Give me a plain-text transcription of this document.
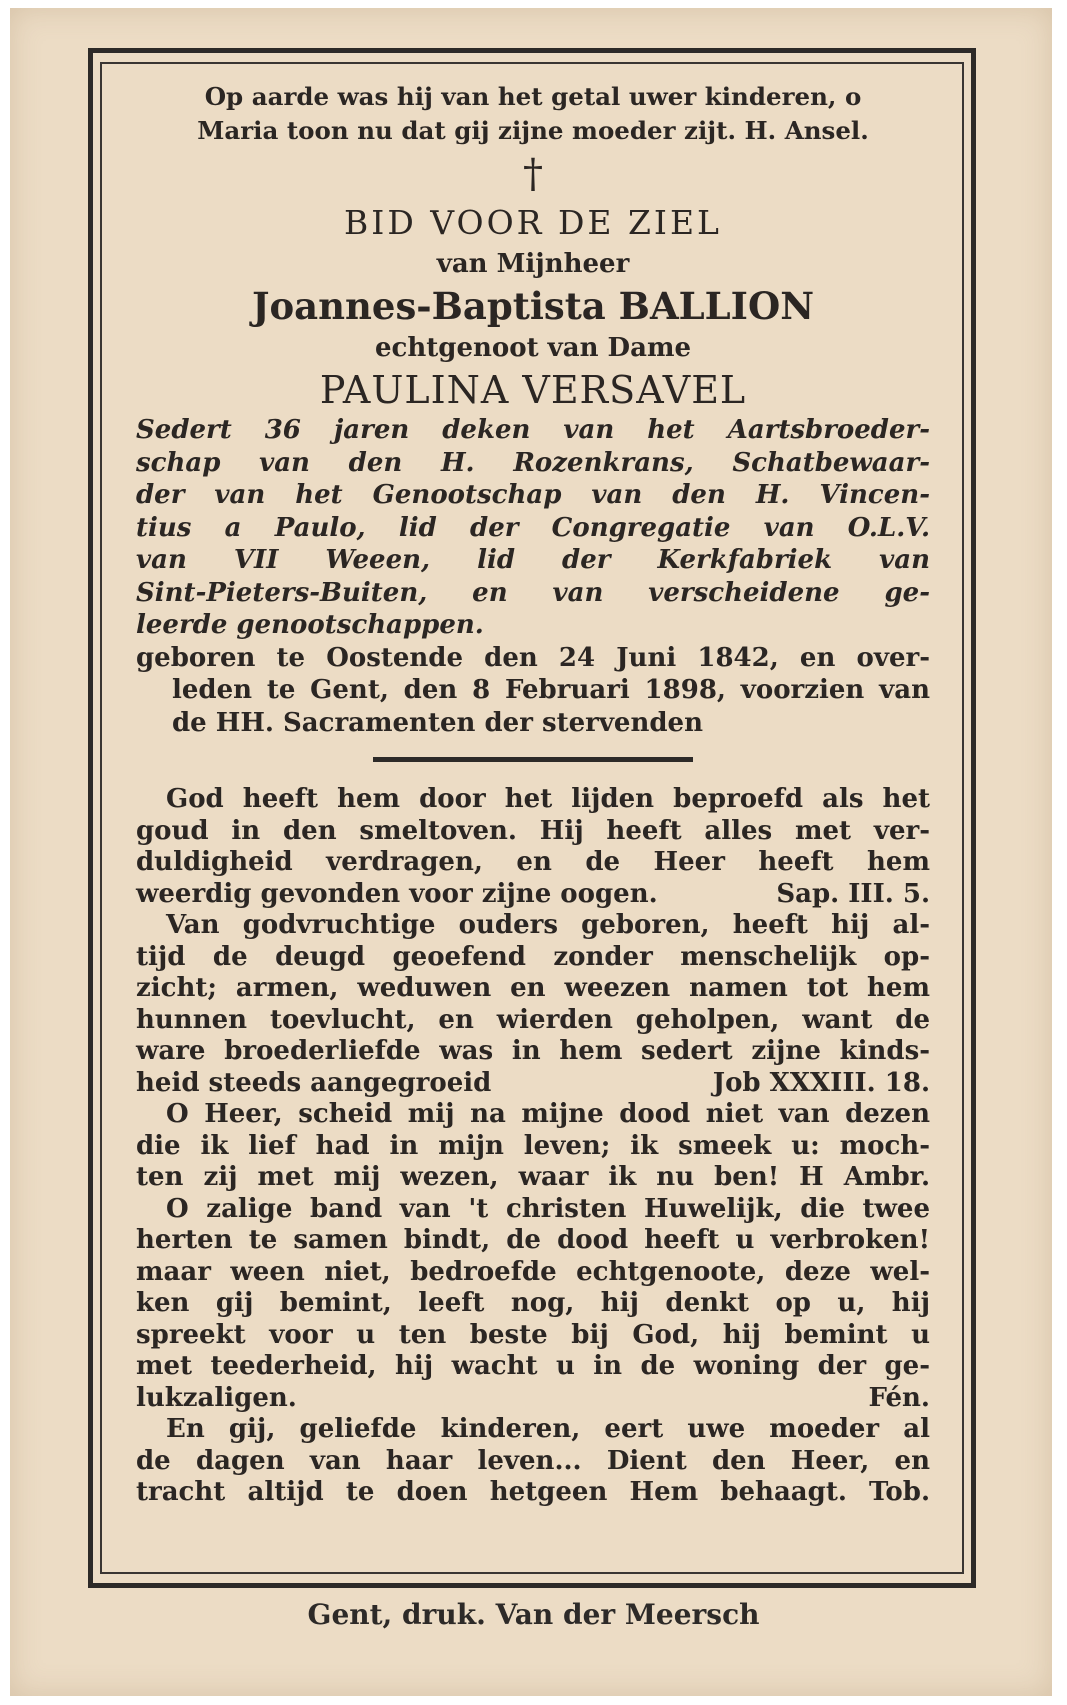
Op aarde was hij van het getal uwer kinderen, o

Maria toon nu dat gij zijne moeder zijt. H. Ansel.

†

BID VOOR DE ZIEL

van Mijnheer

Joannes-Baptista BALLION

echtgenoot van Dame

PAULINA VERSAVEL

Sedert 36 jaren deken van het Aartsbroeder-

schap van den H. Rozenkrans, Schatbewaar-

der van het Genootschap van den H. Vincen-

tius a Paulo, lid der Congregatie van O.L.V.

van VII Weeen, lid der Kerkfabriek van

Sint-Pieters-Buiten, en van verscheidene ge-

leerde genootschappen.

geboren te Oostende den 24 Juni 1842, en over-

leden te Gent, den 8 Februari 1898, voorzien van

de HH. Sacramenten der stervenden

God heeft hem door het lijden beproefd als het

goud in den smeltoven. Hij heeft alles met ver-

duldigheid verdragen, en de Heer heeft hem

weerdig gevonden voor zijne oogen.	Sap. III. 5.

Van godvruchtige ouders geboren, heeft hij al-

tijd de deugd geoefend zonder menschelijk op-

zicht; armen, weduwen en weezen namen tot hem

hunnen toevlucht, en wierden geholpen, want de

ware broederliefde was in hem sedert zijne kinds-

heid steeds aangegroeid	Job XXXIII. 18.

O Heer, scheid mij na mijne dood niet van dezen

die ik lief had in mijn leven; ik smeek u: moch-

ten zij met mij wezen, waar ik nu ben! H Ambr.

O zalige band van 't christen Huwelijk, die twee

herten te samen bindt, de dood heeft u verbroken!

maar ween niet, bedroefde echtgenoote, deze wel-

ken gij bemint, leeft nog, hij denkt op u, hij

spreekt voor u ten beste bij God, hij bemint u

met teederheid, hij wacht u in de woning der ge-

lukzaligen.	Fén.

En gij, geliefde kinderen, eert uwe moeder al

de dagen van haar leven... Dient den Heer, en

tracht altijd te doen hetgeen Hem behaagt. Tob.

Gent, druk. Van der Meersch
